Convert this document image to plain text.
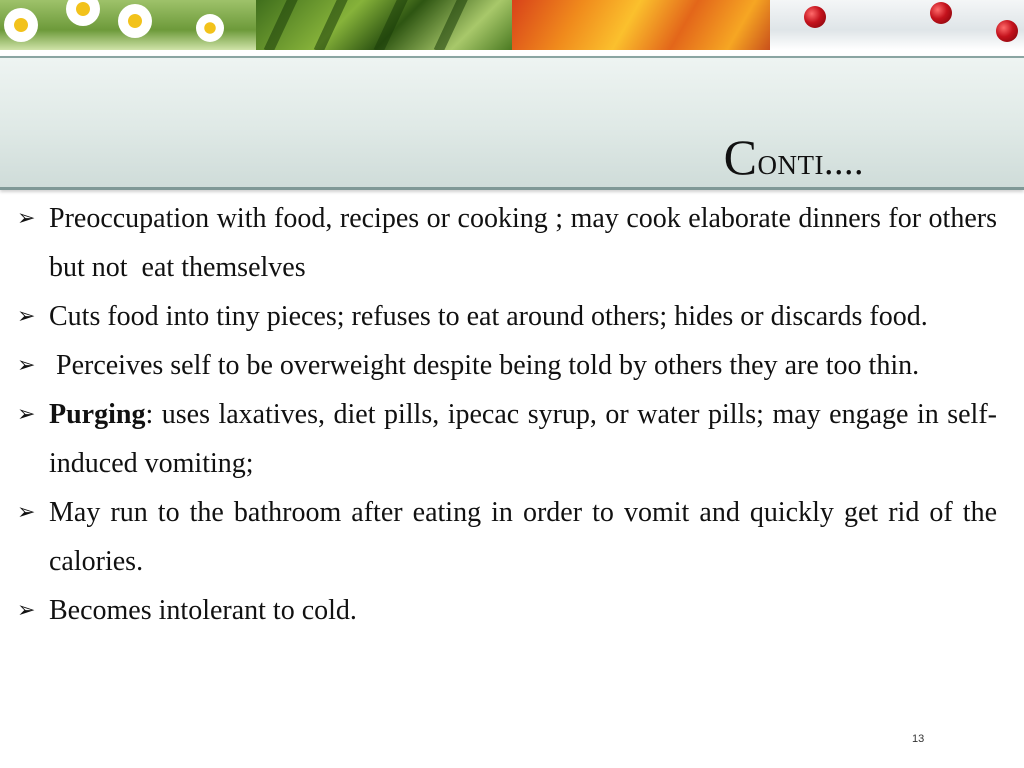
Conti....
➢ Preoccupation with food, recipes or cooking ; may cook elaborate dinners for others but not  eat themselves
➢ Cuts food into tiny pieces; refuses to eat around others; hides or discards food.
➢ Perceives self to be overweight despite being told by others they are too thin.
➢ Purging: uses laxatives, diet pills, ipecac syrup, or water pills; may engage in self-induced vomiting;
➢ May run to the bathroom after eating in order to vomit and quickly get rid of the calories.
➢ Becomes intolerant to cold.
13
